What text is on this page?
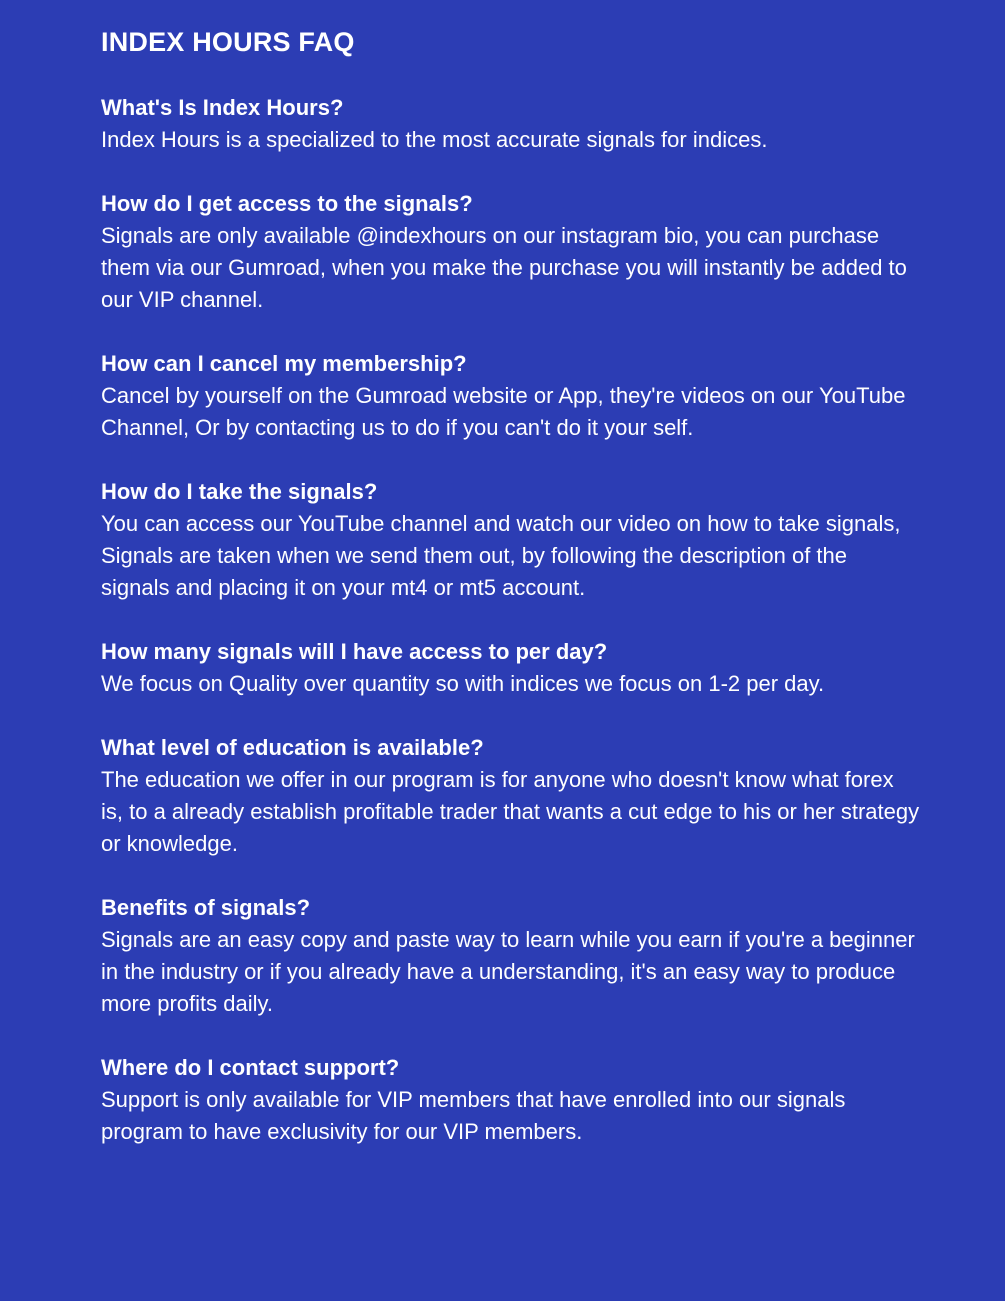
INDEX HOURS FAQ

What's Is Index Hours?

Index Hours is a specialized to the most accurate signals for indices.

How do I get access to the signals?

Signals are only available @indexhours on our instagram bio, you can purchase them via our Gumroad, when you make the purchase you will instantly be added to our VIP channel.

How can I cancel my membership?

Cancel by yourself on the Gumroad website or App, they're videos on our YouTube Channel, Or by contacting us to do if you can't do it your self.

How do I take the signals?

You can access our YouTube channel and watch our video on how to take signals, Signals are taken when we send them out, by following the description of the signals and placing it on your mt4 or mt5 account.

How many signals will I have access to per day?

We focus on Quality over quantity so with indices we focus on 1-2 per day.

What level of education is available?

The education we offer in our program is for anyone who doesn't know what forex is, to a already establish profitable trader that wants a cut edge to his or her strategy or knowledge.

Benefits of signals?

Signals are an easy copy and paste way to learn while you earn if you're a beginner in the industry or if you already have a understanding, it's an easy way to produce more profits daily.

Where do I contact support?

Support is only available for VIP members that have enrolled into our signals program to have exclusivity for our VIP members.
